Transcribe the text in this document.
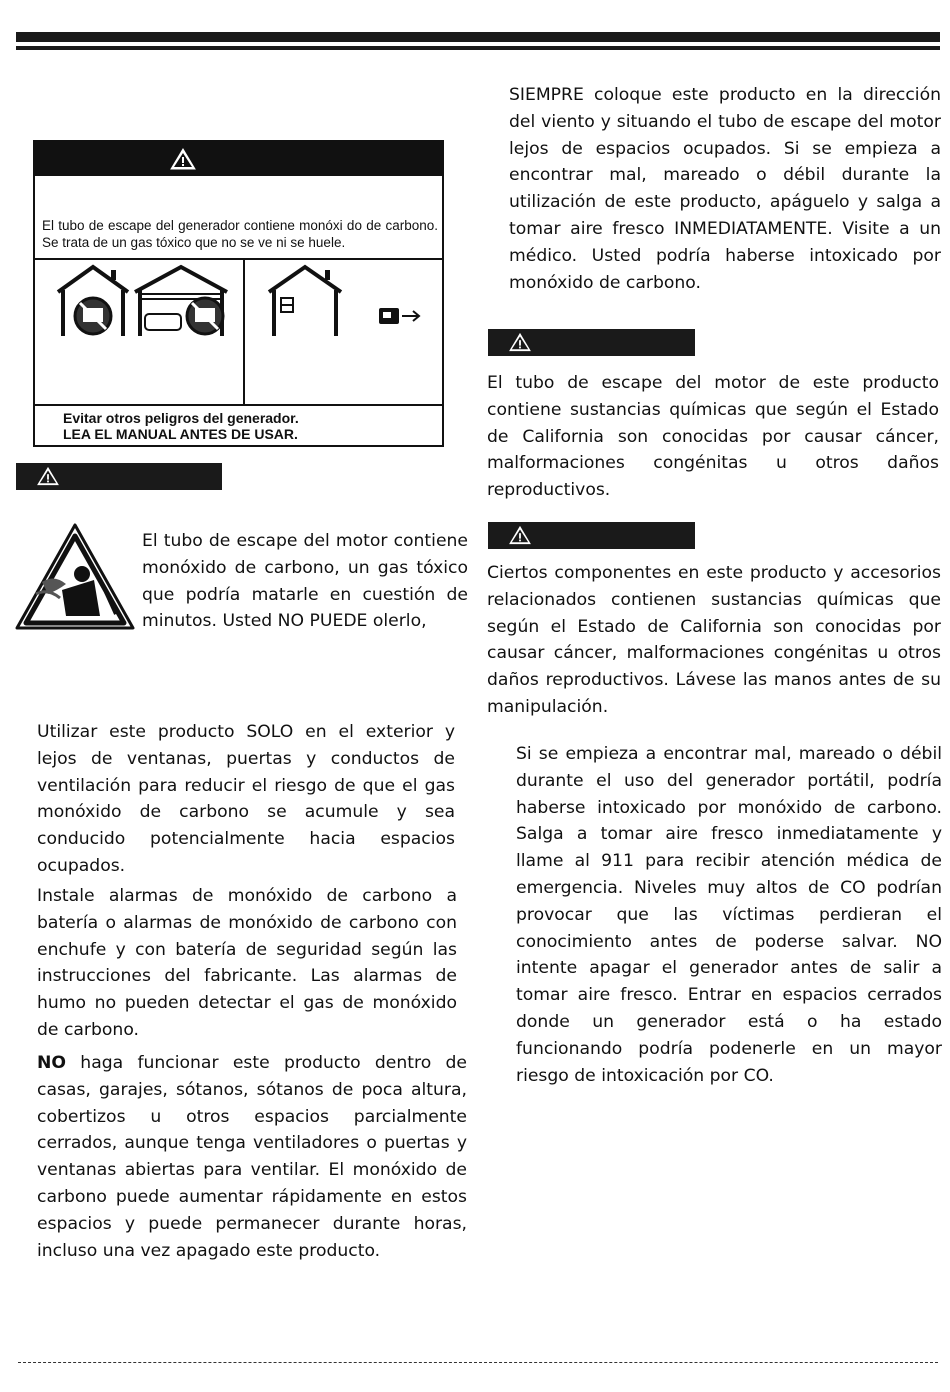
El tubo de escape del generador contiene monóxi do de carbono. Se trata de un gas tóxico que no se ve ni se huele.
Evitar otros peligros del generador.
LEA EL MANUAL ANTES DE USAR.
El tubo de escape del motor contiene monóxido de carbono, un gas tóxico que podría matarle en cuestión de minutos. Usted NO PUEDE olerlo,
Utilizar este producto SOLO en el exterior y lejos de ventanas, puertas y conductos de ventilación para reducir el riesgo de que el gas monóxido de carbono se acumule y sea conducido potencialmente hacia espacios ocupados.
Instale alarmas de monóxido de carbono a batería o alarmas de monóxido de carbono con enchufe y con batería de seguridad según las instrucciones del fabricante. Las alarmas de humo no pueden detectar el gas de monóxido de carbono.
NO haga funcionar este producto dentro de casas, garajes, sótanos, sótanos de poca altura, cobertizos u otros espacios parcialmente cerrados, aunque tenga ventiladores o puertas y ventanas abiertas para ventilar. El monóxido de carbono puede aumentar rápidamente en estos espacios y puede permanecer durante horas, incluso una vez apagado este producto.
SIEMPRE coloque este producto en la dirección del viento y situando el tubo de escape del motor lejos de espacios ocupados. Si se empieza a encontrar mal, mareado o débil durante la utilización de este producto, apáguelo y salga a tomar aire fresco INMEDIATAMENTE. Visite a un médico. Usted podría haberse intoxicado por monóxido de carbono.
El tubo de escape del motor de este producto contiene sustancias químicas que según el Estado de California son conocidas por causar cáncer, malformaciones congénitas u otros daños reproductivos.
Ciertos componentes en este producto y accesorios relacionados contienen sustancias químicas que según el Estado de California son conocidas por causar cáncer, malformaciones congénitas u otros daños reproductivos. Lávese las manos antes de su manipulación.
Si se empieza a encontrar mal, mareado o débil durante el uso del generador portátil, podría haberse intoxicado por monóxido de carbono. Salga a tomar aire fresco inmediatamente y llame al 911 para recibir atención médica de emergencia. Niveles muy altos de CO podrían provocar que las víctimas perdieran el conocimiento antes de poderse salvar. NO intente apagar el generador antes de salir a tomar aire fresco. Entrar en espacios cerrados donde un generador está o ha estado funcionando podría podenerle en un mayor riesgo de intoxicación por CO.
